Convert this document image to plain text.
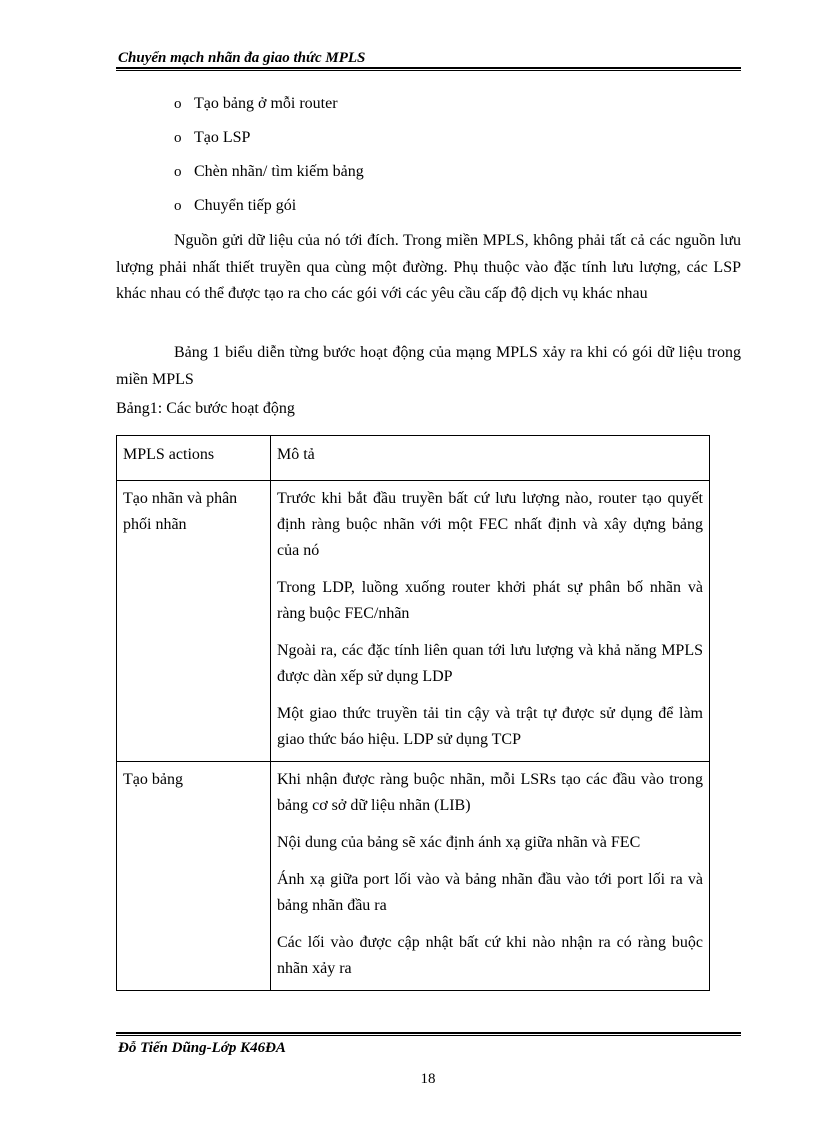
Chuyển mạch nhãn đa giao thức MPLS
o Tạo bảng ở mỗi router
o Tạo LSP
o Chèn nhãn/ tìm kiếm bảng
o Chuyển tiếp gói

Nguồn gửi dữ liệu của nó tới đích. Trong miền MPLS, không phải tất cả các nguồn lưu lượng phải nhất thiết truyền qua cùng một đường. Phụ thuộc vào đặc tính lưu lượng, các LSP khác nhau có thể được tạo ra cho các gói với các yêu cầu cấp độ dịch vụ khác nhau

Bảng 1 biểu diễn từng bước hoạt động của mạng MPLS xảy ra khi có gói dữ liệu trong miền MPLS

Bảng1: Các bước hoạt động
MPLS actions	Mô tả
Tạo nhãn và phân phối nhãn	Trước khi bắt đầu truyền bất cứ lưu lượng nào, router tạo quyết định ràng buộc nhãn với một FEC nhất định và xây dựng bảng của nó

Trong LDP, luồng xuống router khởi phát sự phân bố nhãn và ràng buộc FEC/nhãn

Ngoài ra, các đặc tính liên quan tới lưu lượng và khả năng MPLS được dàn xếp sử dụng LDP

Một giao thức truyền tải tin cậy và trật tự được sử dụng để làm giao thức báo hiệu. LDP sử dụng TCP

Tạo bảng	Khi nhận được ràng buộc nhãn, mỗi LSRs tạo các đầu vào trong bảng cơ sở dữ liệu nhãn (LIB)

Nội dung của bảng sẽ xác định ánh xạ giữa nhãn và FEC

Ánh xạ giữa port lối vào và bảng nhãn đầu vào tới port lối ra và bảng nhãn đầu ra

Các lối vào được cập nhật bất cứ khi nào nhận ra có ràng buộc nhãn xảy ra

Đỗ Tiến Dũng-Lớp K46ĐA
18
